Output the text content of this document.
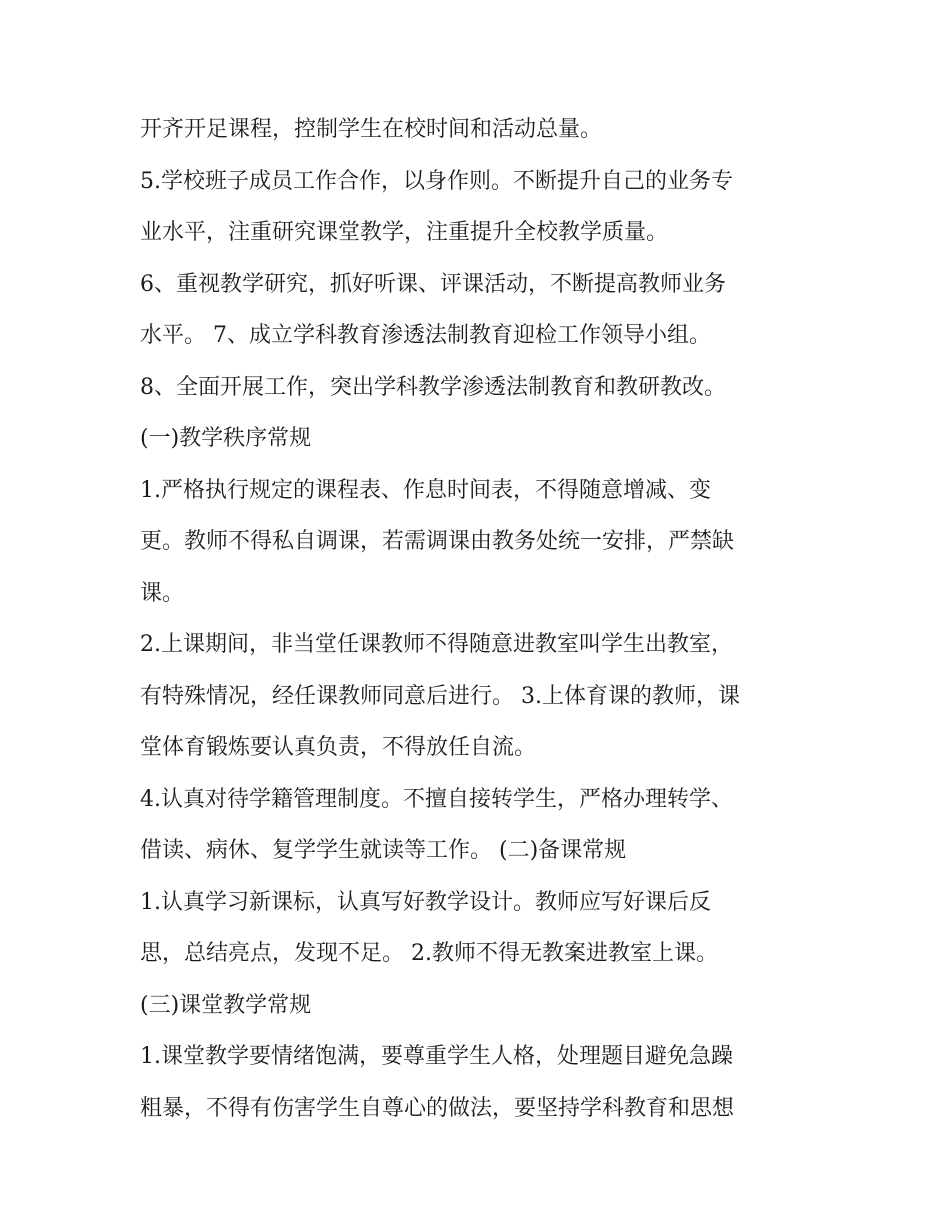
开齐开足课程，控制学生在校时间和活动总量。
5.学校班子成员工作合作，以身作则。不断提升自己的业务专
业水平，注重研究课堂教学，注重提升全校教学质量。
6、重视教学研究，抓好听课、评课活动，不断提高教师业务
水平。 7、成立学科教育渗透法制教育迎检工作领导小组。
8、全面开展工作，突出学科教学渗透法制教育和教研教改。
(一)教学秩序常规
1.严格执行规定的课程表、作息时间表，不得随意增减、变
更。教师不得私自调课，若需调课由教务处统一安排，严禁缺
课。
2.上课期间，非当堂任课教师不得随意进教室叫学生出教室，
有特殊情况，经任课教师同意后进行。 3.上体育课的教师，课
堂体育锻炼要认真负责，不得放任自流。
4.认真对待学籍管理制度。不擅自接转学生，严格办理转学、
借读、病休、复学学生就读等工作。 (二)备课常规
1.认真学习新课标，认真写好教学设计。教师应写好课后反
思，总结亮点，发现不足。 2.教师不得无教案进教室上课。
(三)课堂教学常规
1.课堂教学要情绪饱满，要尊重学生人格，处理题目避免急躁
粗暴，不得有伤害学生自尊心的做法，要坚持学科教育和思想
